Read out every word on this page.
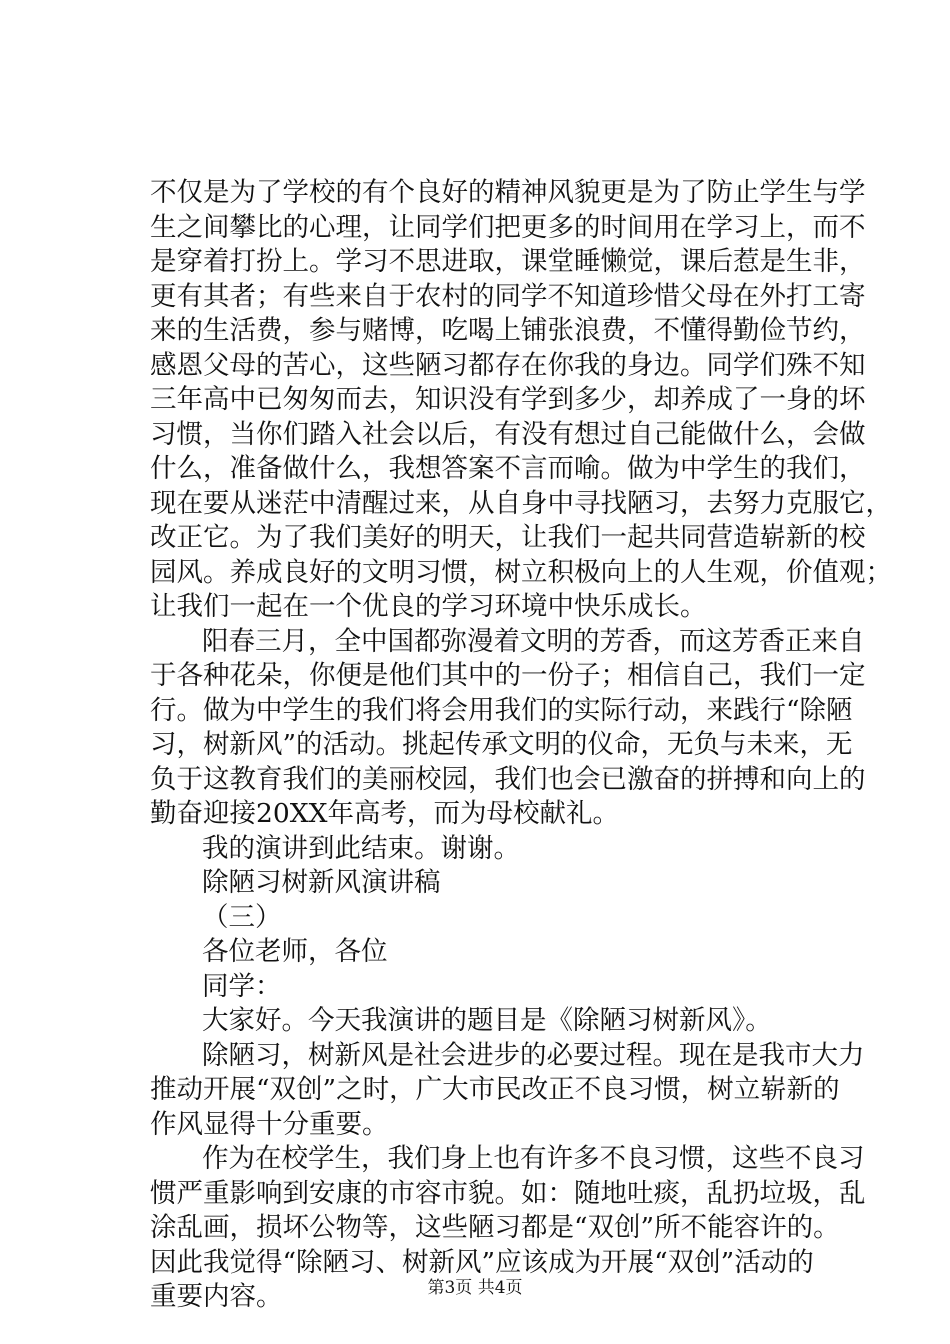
不仅是为了学校的有个良好的精神风貌更是为了防止学生与学
生之间攀比的心理，让同学们把更多的时间用在学习上，而不
是穿着打扮上。学习不思进取，课堂睡懒觉，课后惹是生非，
更有其者；有些来自于农村的同学不知道珍惜父母在外打工寄
来的生活费，参与赌博，吃喝上铺张浪费，不懂得勤俭节约，
感恩父母的苦心，这些陋习都存在你我的身边。同学们殊不知
三年高中已匆匆而去，知识没有学到多少，却养成了一身的坏
习惯，当你们踏入社会以后，有没有想过自己能做什么，会做
什么，准备做什么，我想答案不言而喻。做为中学生的我们，
现在要从迷茫中清醒过来，从自身中寻找陋习，去努力克服它，
改正它。为了我们美好的明天，让我们一起共同营造崭新的校
园风。养成良好的文明习惯，树立积极向上的人生观，价值观；
让我们一起在一个优良的学习环境中快乐成长。
阳春三月，全中国都弥漫着文明的芳香，而这芳香正来自
于各种花朵，你便是他们其中的一份子；相信自己，我们一定
行。做为中学生的我们将会用我们的实际行动，来践行“除陋
习，树新风”的活动。挑起传承文明的仪命，无负与未来，无
负于这教育我们的美丽校园，我们也会已激奋的拼搏和向上的
勤奋迎接20XX年高考，而为母校献礼。
我的演讲到此结束。谢谢。
除陋习树新风演讲稿
（三）
各位老师，各位
同学：
大家好。今天我演讲的题目是《除陋习树新风》。
除陋习，树新风是社会进步的必要过程。现在是我市大力
推动开展“双创”之时，广大市民改正不良习惯，树立崭新的
作风显得十分重要。
作为在校学生，我们身上也有许多不良习惯，这些不良习
惯严重影响到安康的市容市貌。如：随地吐痰，乱扔垃圾，乱
涂乱画，损坏公物等，这些陋习都是“双创”所不能容许的。
因此我觉得“除陋习、树新风”应该成为开展“双创”活动的
重要内容。	第3页 共4页
